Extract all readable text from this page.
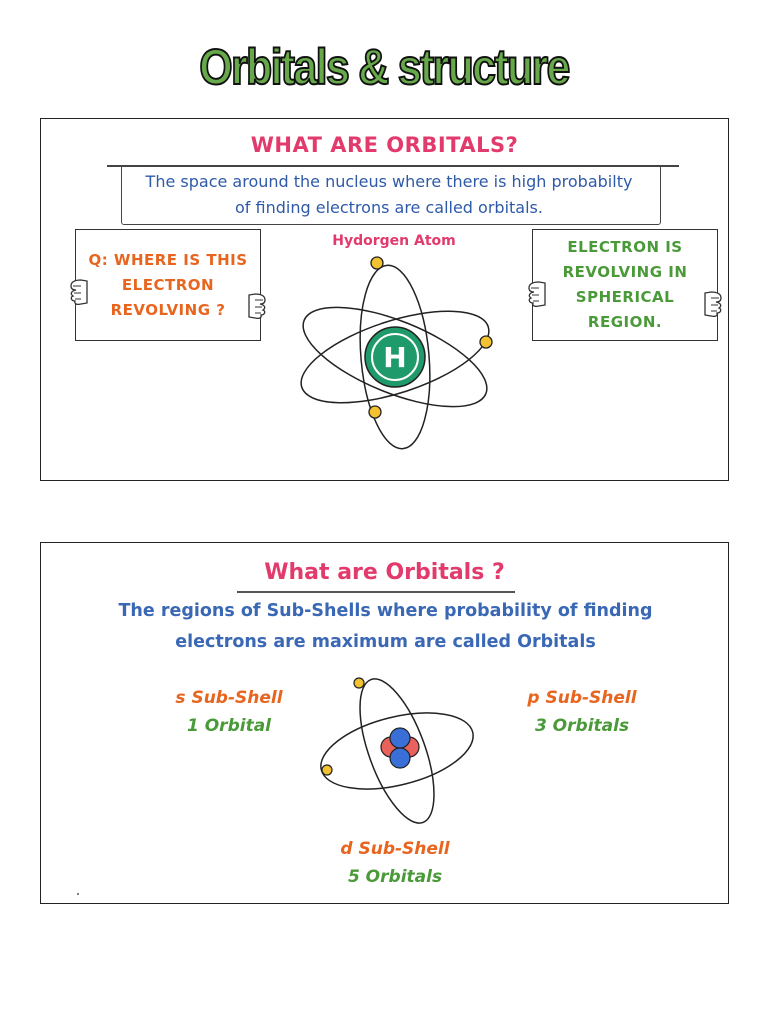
Orbitals & structure
WHAT ARE ORBITALS?
The space around the nucleus where there is high probabilty
of finding electrons are called orbitals.
Q: WHERE IS THIS
ELECTRON
REVOLVING ?
Hydorgen Atom
H
ELECTRON IS
REVOLVING IN
SPHERICAL
REGION.
What are Orbitals ?
The regions of Sub-Shells where probability of finding
electrons are maximum are called Orbitals
s Sub-Shell
1 Orbital
p Sub-Shell
3 Orbitals
d Sub-Shell
5 Orbitals
